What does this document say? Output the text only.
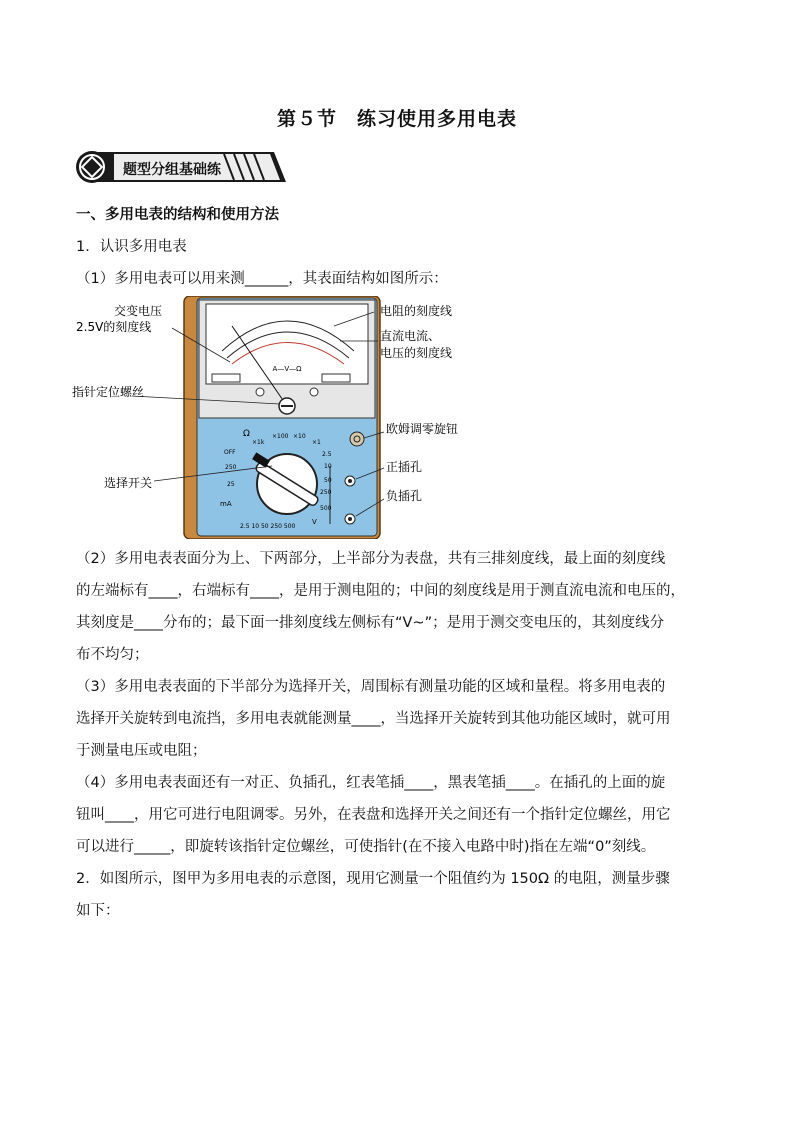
第５节　练习使用多用电表
题型分组基础练
一、多用电表的结构和使用方法
1．认识多用电表
（1）多用电表可以用来测______，其表面结构如图所示：
A—V—Ω
Ω
×1k
×100 ×10
×1
OFF
250
25
mA
V
2.5 10 50 250 500
2.5
10
50
250
500
交变电压
2.5V的刻度线
指针定位螺丝
选择开关
电阻的刻度线
直流电流、
电压的刻度线
欧姆调零旋钮
正插孔
负插孔
（2）多用电表表面分为上、下两部分，上半部分为表盘，共有三排刻度线，最上面的刻度线
的左端标有____，右端标有____，是用于测电阻的；中间的刻度线是用于测直流电流和电压的，
其刻度是____分布的；最下面一排刻度线左侧标有“V~”；是用于测交变电压的，其刻度线分
布不均匀；
（3）多用电表表面的下半部分为选择开关，周围标有测量功能的区域和量程。将多用电表的
选择开关旋转到电流挡，多用电表就能测量____，当选择开关旋转到其他功能区域时，就可用
于测量电压或电阻；
（4）多用电表表面还有一对正、负插孔，红表笔插____，黑表笔插____。在插孔的上面的旋
钮叫____，用它可进行电阻调零。另外，在表盘和选择开关之间还有一个指针定位螺丝，用它
可以进行_____，即旋转该指针定位螺丝，可使指针(在不接入电路中时)指在左端“0”刻线。
2．如图所示，图甲为多用电表的示意图，现用它测量一个阻值约为 150Ω 的电阻，测量步骤
如下：
